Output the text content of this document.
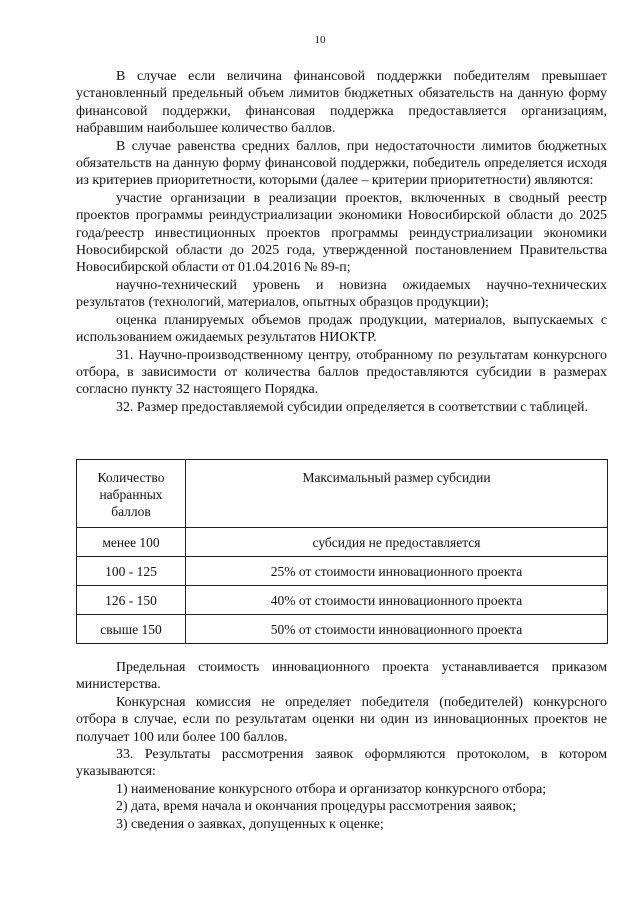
10

В случае если величина финансовой поддержки победителям превышает установленный предельный объем лимитов бюджетных обязательств на данную форму финансовой поддержки, финансовая поддержка предоставляется организациям, набравшим наибольшее количество баллов.

В случае равенства средних баллов, при недостаточности лимитов бюджетных обязательств на данную форму финансовой поддержки, победитель определяется исходя из критериев приоритетности, которыми (далее – критерии приоритетности) являются:

участие организации в реализации проектов, включенных в сводный реестр проектов программы реиндустриализации экономики Новосибирской области до 2025 года/реестр инвестиционных проектов программы реиндустриализации экономики Новосибирской области до 2025 года, утвержденной постановлением Правительства Новосибирской области от 01.04.2016 № 89-п;

научно-технический уровень и новизна ожидаемых научно-технических результатов (технологий, материалов, опытных образцов продукции);

оценка планируемых объемов продаж продукции, материалов, выпускаемых с использованием ожидаемых результатов НИОКТР.

31. Научно-производственному центру, отобранному по результатам конкурсного отбора, в зависимости от количества баллов предоставляются субсидии в размерах согласно пункту 32 настоящего Порядка.

32. Размер предоставляемой субсидии определяется в соответствии с таблицей.

Количество набранных баллов	Максимальный размер субсидии
менее 100	субсидия не предоставляется
100 - 125	25% от стоимости инновационного проекта
126 - 150	40% от стоимости инновационного проекта
свыше 150	50% от стоимости инновационного проекта

Предельная стоимость инновационного проекта устанавливается приказом министерства.

Конкурсная комиссия не определяет победителя (победителей) конкурсного отбора в случае, если по результатам оценки ни один из инновационных проектов не получает 100 или более 100 баллов.

33. Результаты рассмотрения заявок оформляются протоколом, в котором указываются:

1) наименование конкурсного отбора и организатор конкурсного отбора;

2) дата, время начала и окончания процедуры рассмотрения заявок;

3) сведения о заявках, допущенных к оценке;
